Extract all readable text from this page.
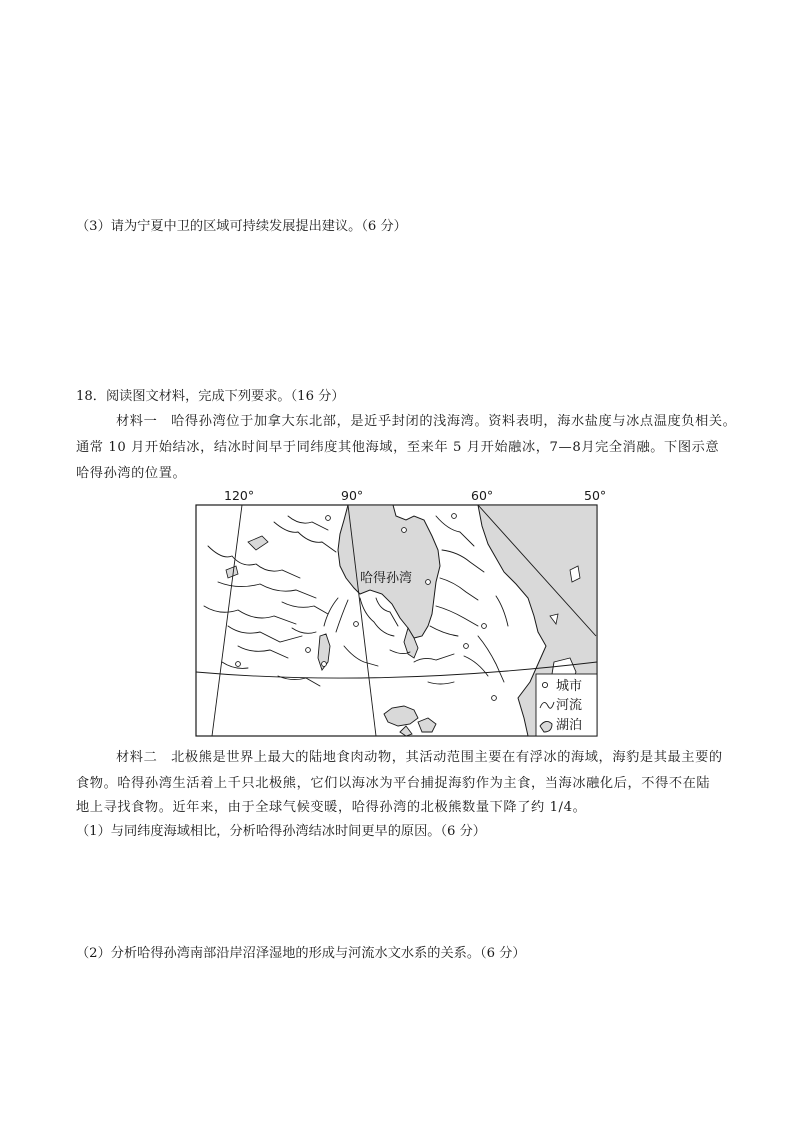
（3）请为宁夏中卫的区域可持续发展提出建议。（6 分）
18．阅读图文材料，完成下列要求。（16 分）
材料一　哈得孙湾位于加拿大东北部，是近乎封闭的浅海湾。资料表明，海水盐度与冰点温度负相关。
通常 10 月开始结冰，结冰时间早于同纬度其他海域，至来年 5 月开始融冰，7—8月完全消融。下图示意
哈得孙湾的位置。
120°	90°	60°	50°
哈得孙湾
城市
河流
湖泊
材料二　北极熊是世界上最大的陆地食肉动物，其活动范围主要在有浮冰的海域，海豹是其最主要的
食物。哈得孙湾生活着上千只北极熊，它们以海冰为平台捕捉海豹作为主食，当海冰融化后，不得不在陆
地上寻找食物。近年来，由于全球气候变暖，哈得孙湾的北极熊数量下降了约 1/4。
（1）与同纬度海域相比，分析哈得孙湾结冰时间更早的原因。（6 分）
（2）分析哈得孙湾南部沿岸沼泽湿地的形成与河流水文水系的关系。（6 分）
